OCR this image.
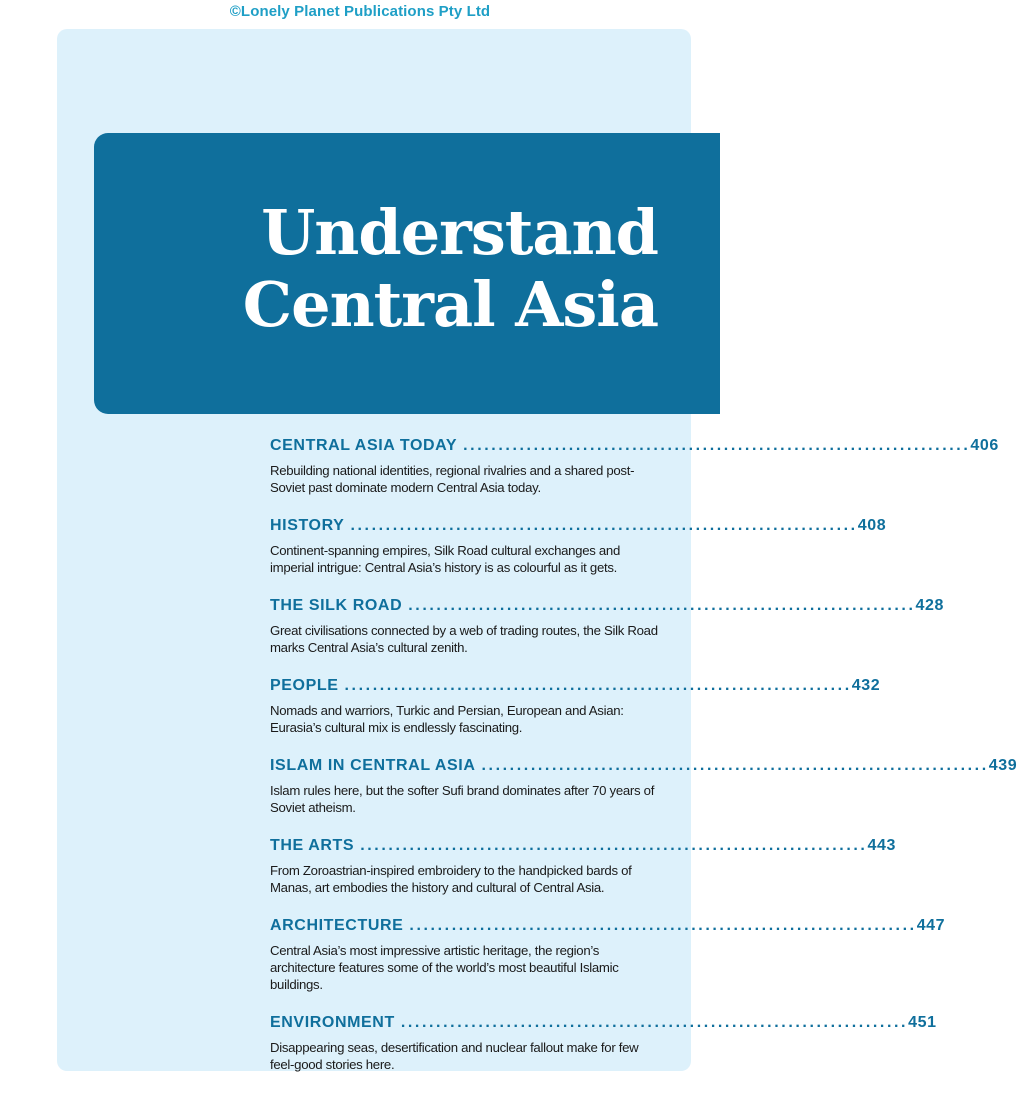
©Lonely Planet Publications Pty Ltd
Understand
Central Asia
CENTRAL ASIA TODAY ........................................................................ 406
Rebuilding national identities, regional rivalries and a shared post-Soviet past dominate modern Central Asia today.
HISTORY ........................................................................ 408
Continent-spanning empires, Silk Road cultural exchanges and imperial intrigue: Central Asia’s history is as colourful as it gets.
THE SILK ROAD ........................................................................ 428
Great civilisations connected by a web of trading routes, the Silk Road marks Central Asia’s cultural zenith.
PEOPLE ........................................................................ 432
Nomads and warriors, Turkic and Persian, European and Asian: Eurasia’s cultural mix is endlessly fascinating.
ISLAM IN CENTRAL ASIA ........................................................................ 439
Islam rules here, but the softer Sufi brand dominates after 70 years of Soviet atheism.
THE ARTS ........................................................................ 443
From Zoroastrian-inspired embroidery to the handpicked bards of Manas, art embodies the history and cultural of Central Asia.
ARCHITECTURE ........................................................................ 447
Central Asia’s most impressive artistic heritage, the region’s architecture features some of the world’s most beautiful Islamic buildings.
ENVIRONMENT ........................................................................ 451
Disappearing seas, desertification and nuclear fallout make for few feel-good stories here.
